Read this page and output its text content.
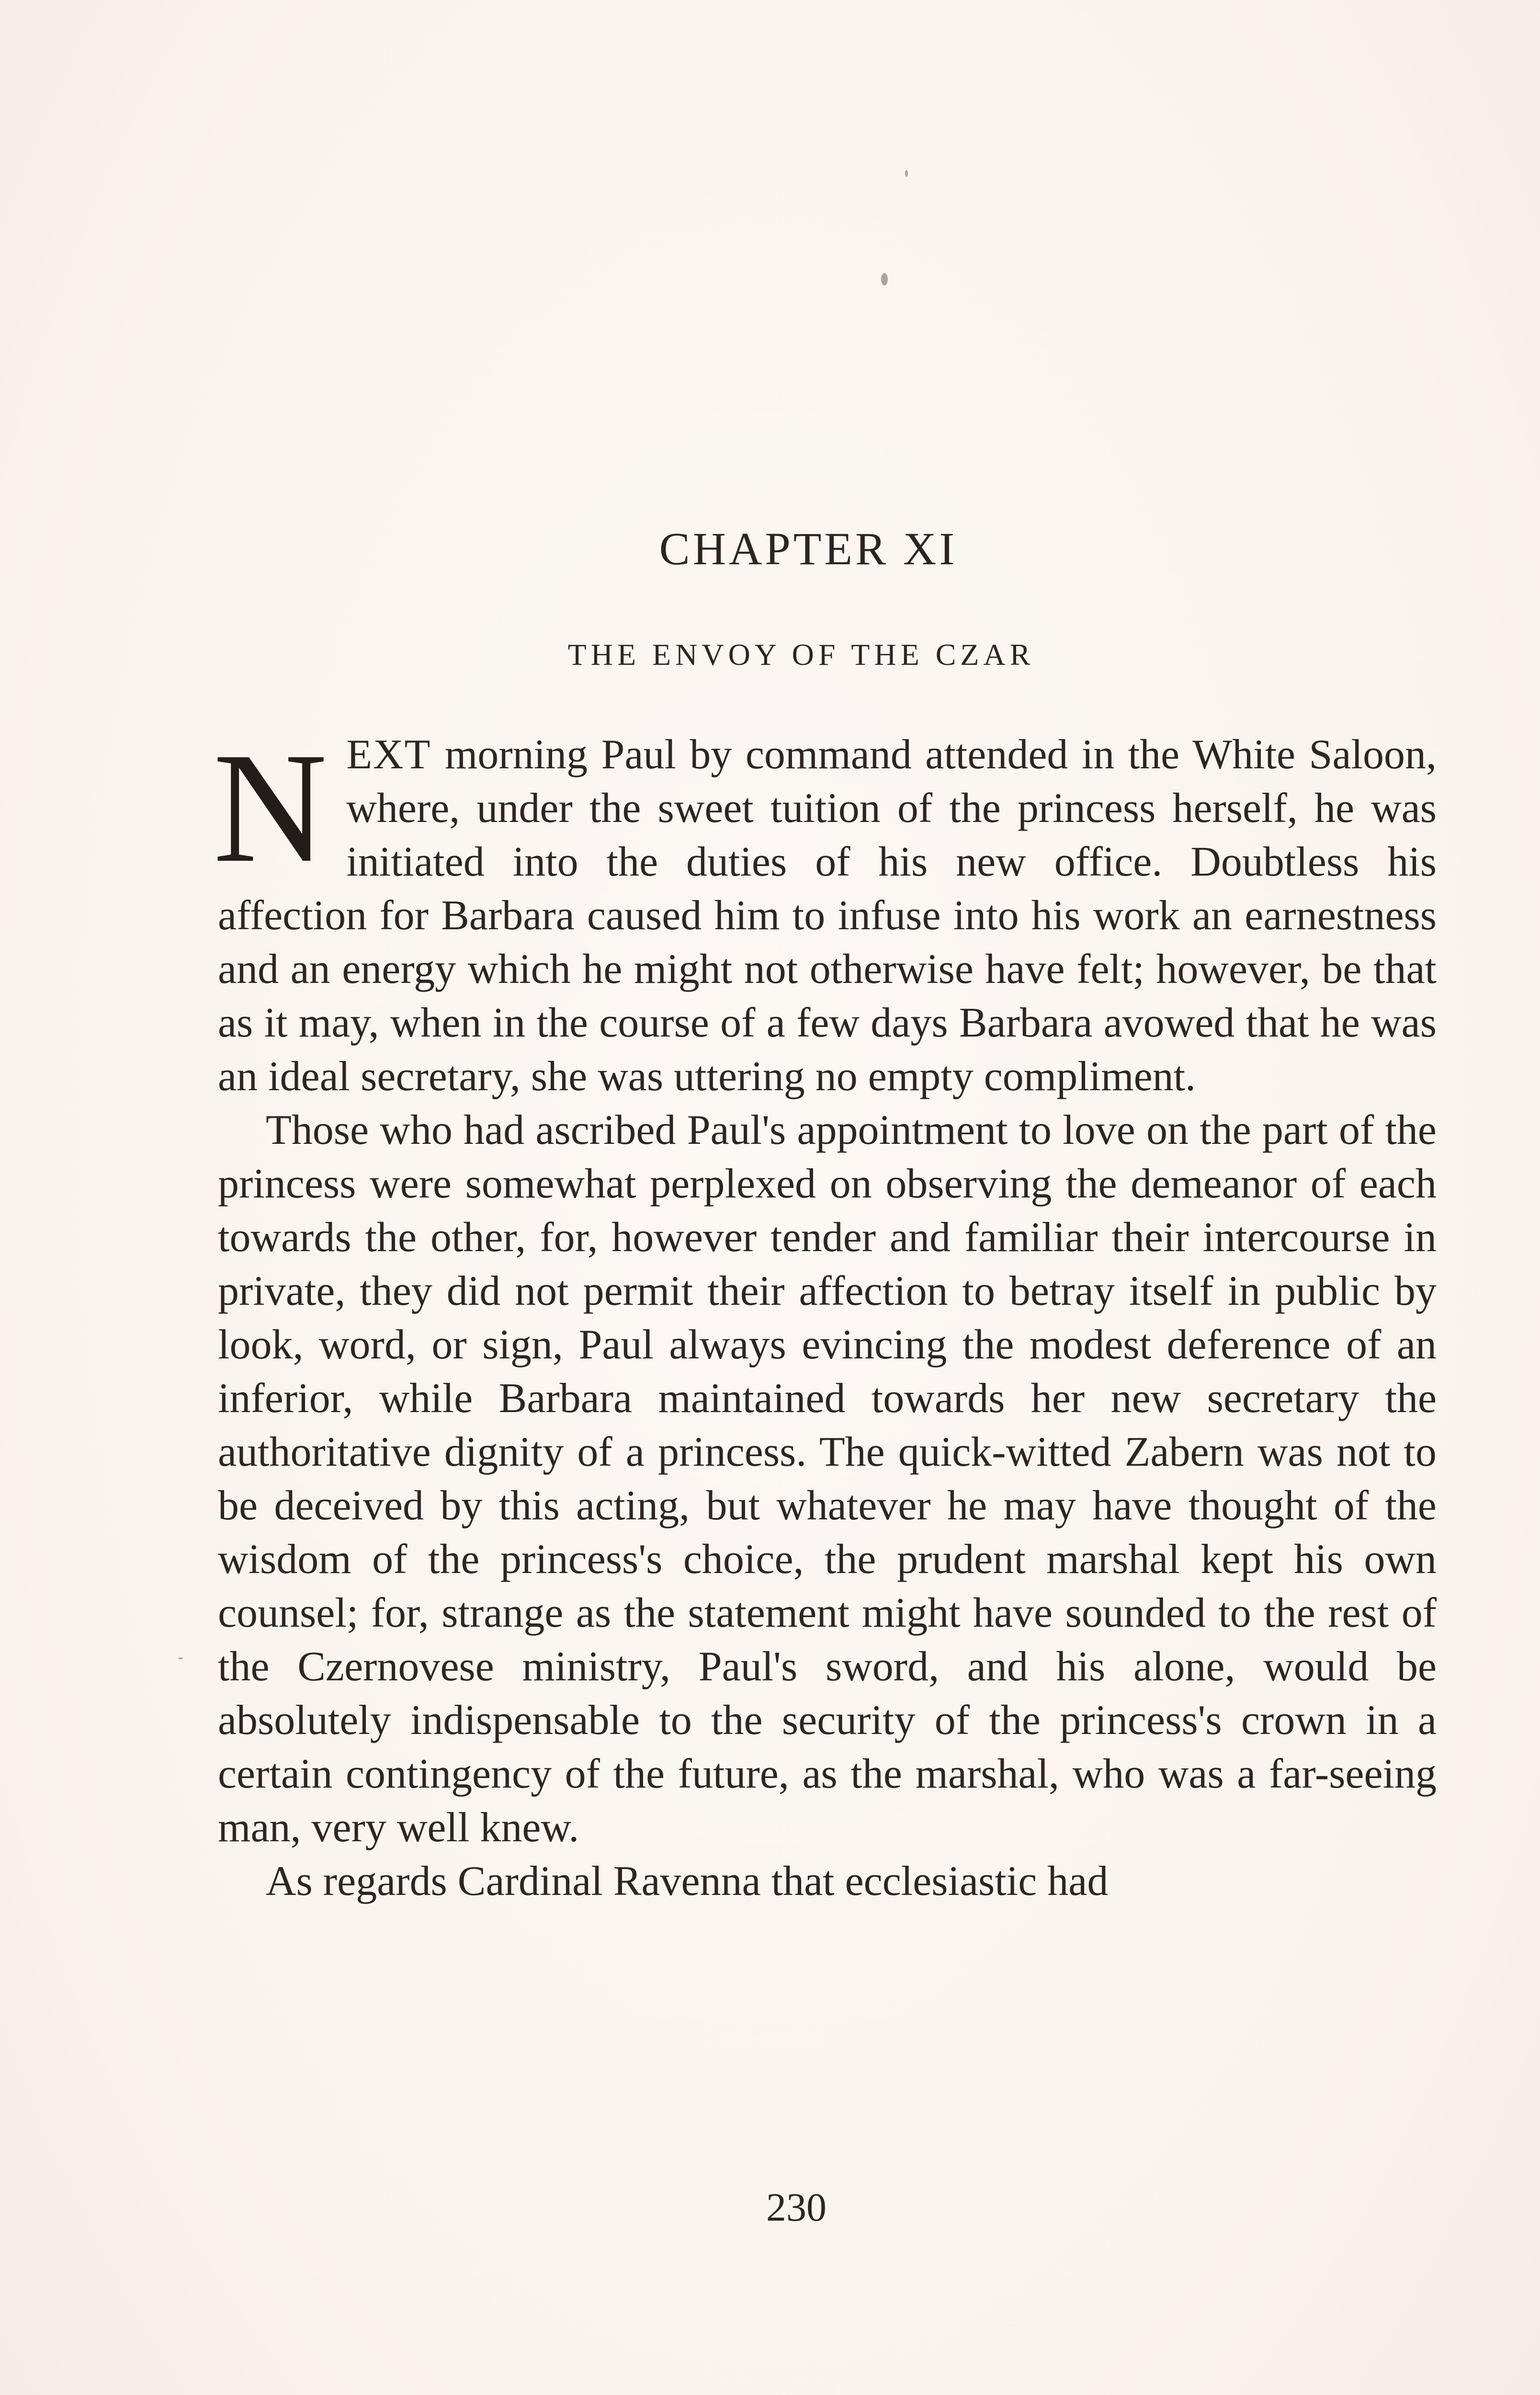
CHAPTER XI
THE ENVOY OF THE CZAR

NEXT morning Paul by command attended in the White Saloon, where, under the sweet tuition of the princess herself, he was initiated into the duties of his new office. Doubtless his affection for Barbara caused him to infuse into his work an earnestness and an energy which he might not otherwise have felt; however, be that as it may, when in the course of a few days Barbara avowed that he was an ideal secretary, she was uttering no empty compliment.

Those who had ascribed Paul's appointment to love on the part of the princess were somewhat perplexed on observing the demeanor of each towards the other, for, however tender and familiar their intercourse in private, they did not permit their affection to betray itself in public by look, word, or sign, Paul always evincing the modest deference of an inferior, while Barbara maintained towards her new secretary the authoritative dignity of a princess. The quick-witted Zabern was not to be deceived by this acting, but whatever he may have thought of the wisdom of the princess's choice, the prudent marshal kept his own counsel; for, strange as the statement might have sounded to the rest of the Czernovese ministry, Paul's sword, and his alone, would be absolutely indispensable to the security of the princess's crown in a certain contingency of the future, as the marshal, who was a far-seeing man, very well knew.

As regards Cardinal Ravenna that ecclesiastic had

230
